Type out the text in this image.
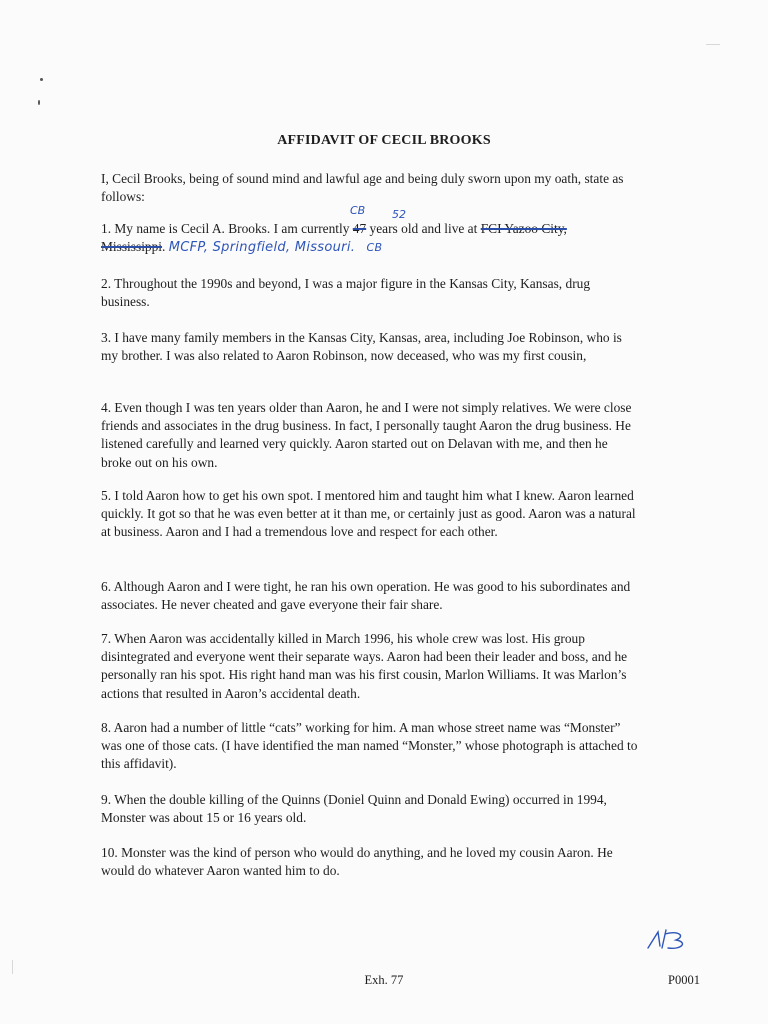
AFFIDAVIT OF CECIL BROOKS

I, Cecil Brooks, being of sound mind and lawful age and being duly sworn upon my oath, state as follows:

CB 52

1. My name is Cecil A. Brooks. I am currently 47 years old and live at FCI Yazoo City,
Mississippi. MCFP, Springfield, Missouri. CB

2. Throughout the 1990s and beyond, I was a major figure in the Kansas City, Kansas, drug business.

3. I have many family members in the Kansas City, Kansas, area, including Joe Robinson, who is my brother. I was also related to Aaron Robinson, now deceased, who was my first cousin,

4. Even though I was ten years older than Aaron, he and I were not simply relatives. We were close friends and associates in the drug business. In fact, I personally taught Aaron the drug business. He listened carefully and learned very quickly. Aaron started out on Delavan with me, and then he broke out on his own.

5. I told Aaron how to get his own spot. I mentored him and taught him what I knew. Aaron learned quickly. It got so that he was even better at it than me, or certainly just as good. Aaron was a natural at business. Aaron and I had a tremendous love and respect for each other.

6. Although Aaron and I were tight, he ran his own operation. He was good to his subordinates and associates. He never cheated and gave everyone their fair share.

7. When Aaron was accidentally killed in March 1996, his whole crew was lost. His group disintegrated and everyone went their separate ways. Aaron had been their leader and boss, and he personally ran his spot. His right hand man was his first cousin, Marlon Williams. It was Marlon’s actions that resulted in Aaron’s accidental death.

8. Aaron had a number of little “cats” working for him. A man whose street name was “Monster” was one of those cats. (I have identified the man named “Monster,” whose photograph is attached to this affidavit).

9. When the double killing of the Quinns (Doniel Quinn and Donald Ewing) occurred in 1994, Monster was about 15 or 16 years old.

10. Monster was the kind of person who would do anything, and he loved my cousin Aaron. He would do whatever Aaron wanted him to do.

Exh. 77	P0001
